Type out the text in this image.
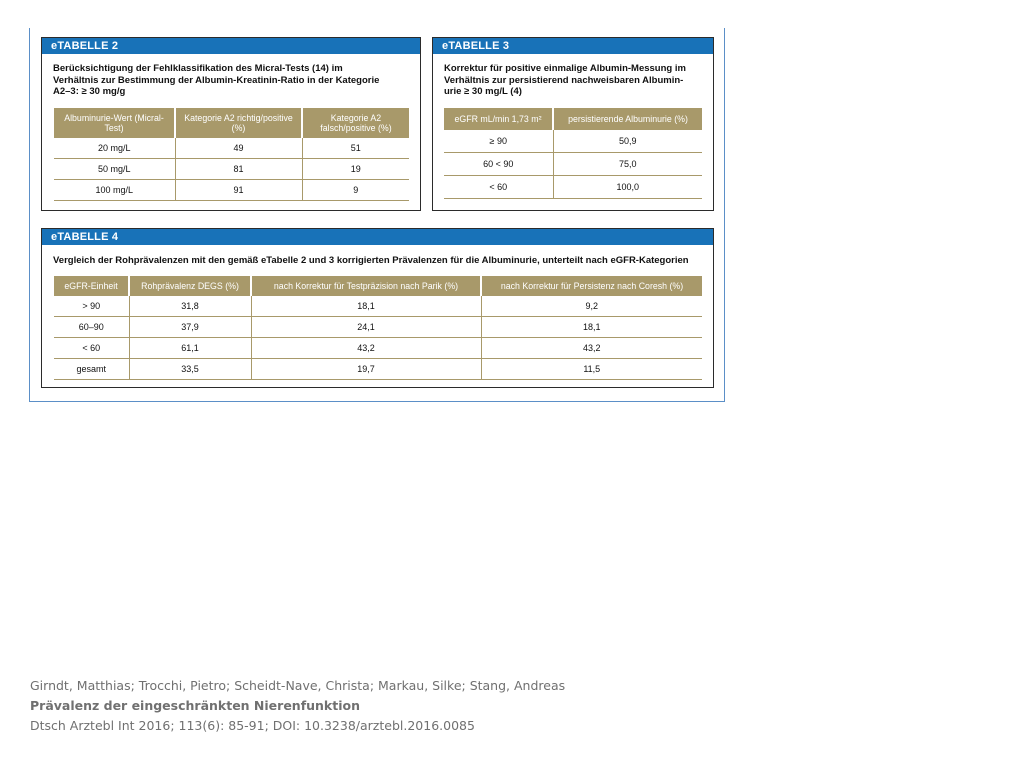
eTABELLE 2
Berücksichtigung der Fehlklassifikation des Micral-Tests (14) im Verhältnis zur Bestimmung der Albumin-Kreatinin-Ratio in der Kategorie A2–3: ≥ 30 mg/g
Albuminurie-Wert (Micral-Test)	Kategorie A2 richtig/positive (%)	Kategorie A2 falsch/positive (%)
20 mg/L	49	51
50 mg/L	81	19
100 mg/L	91	9
eTABELLE 3
Korrektur für positive einmalige Albumin-Messung im Verhältnis zur persistierend nachweisbaren Albumin-urie ≥ 30 mg/L (4)
eGFR mL/min 1,73 m²	persistierende Albuminurie (%)
≥ 90	50,9
60 < 90	75,0
< 60	100,0
eTABELLE 4
Vergleich der Rohprävalenzen mit den gemäß eTabelle 2 und 3 korrigierten Prävalenzen für die Albuminurie, unterteilt nach eGFR-Kategorien
eGFR-Einheit	Rohprävalenz DEGS (%)	nach Korrektur für Testpräzision nach Parik (%)	nach Korrektur für Persistenz nach Coresh (%)
> 90	31,8	18,1	9,2
60–90	37,9	24,1	18,1
< 60	61,1	43,2	43,2
gesamt	33,5	19,7	11,5
Girndt, Matthias; Trocchi, Pietro; Scheidt-Nave, Christa; Markau, Silke; Stang, Andreas
Prävalenz der eingeschränkten Nierenfunktion
Dtsch Arztebl Int 2016; 113(6): 85-91; DOI: 10.3238/arztebl.2016.0085
